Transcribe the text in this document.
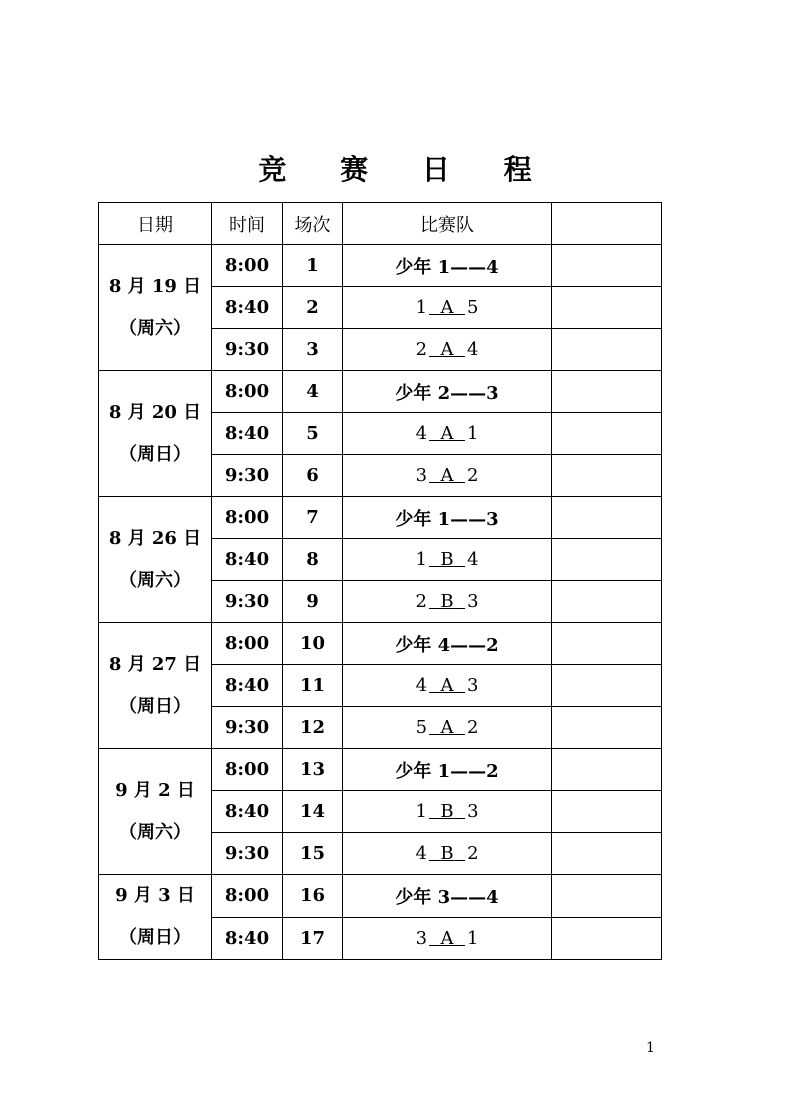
竞 赛 日 程
日期	时间	场次	比赛队	

8 月 19 日
（周六）	8:00	1	少年 1——4	
	8:40	2	1 A 5	
	9:30	3	2 A 4	

8 月 20 日
（周日）	8:00	4	少年 2——3	
	8:40	5	4 A 1	
	9:30	6	3 A 2	

8 月 26 日
（周六）	8:00	7	少年 1——3	
	8:40	8	1 B 4	
	9:30	9	2 B 3	

8 月 27 日
（周日）	8:00	10	少年 4——2	
	8:40	11	4 A 3	
	9:30	12	5 A 2	

9 月 2 日
（周六）	8:00	13	少年 1——2	
	8:40	14	1 B 3	
	9:30	15	4 B 2	

9 月 3 日
（周日）	8:00	16	少年 3——4	
	8:40	17	3 A 1	
1
